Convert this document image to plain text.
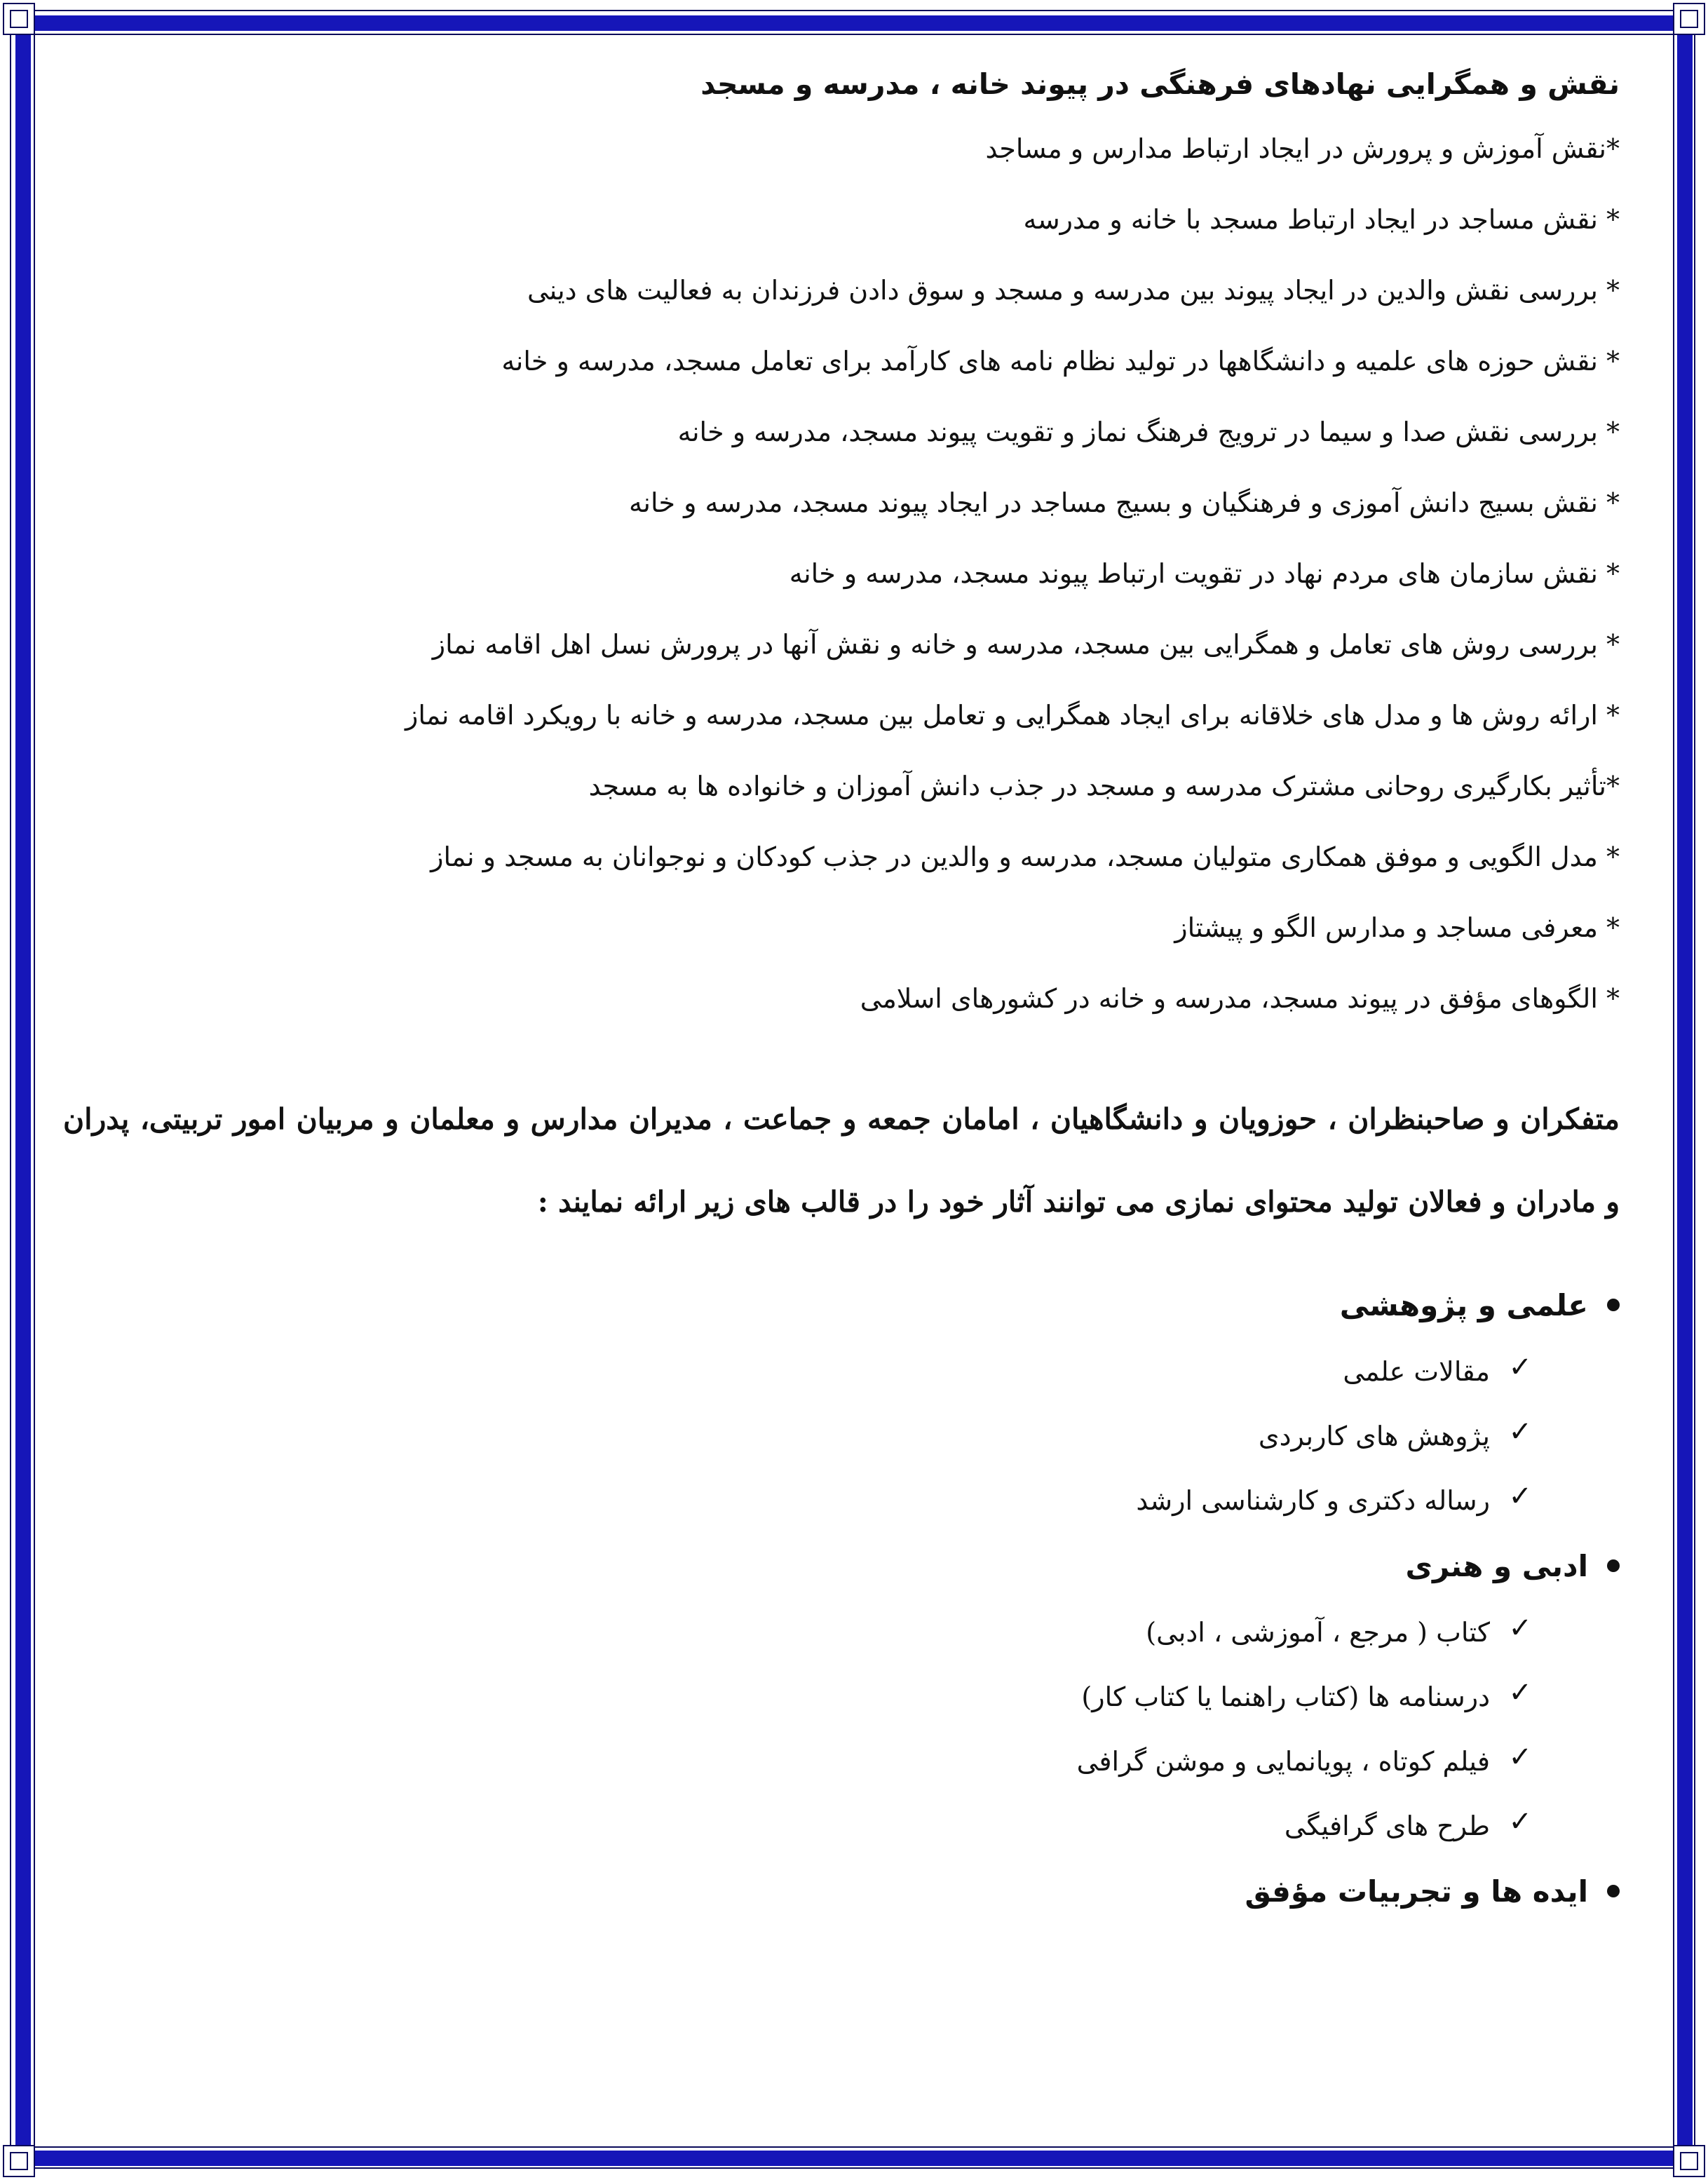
نقش و همگرایی نهادهای فرهنگی در پیوند خانه ، مدرسه و مسجد
*نقش آموزش و پرورش در ایجاد ارتباط مدارس و مساجد
* نقش مساجد در ایجاد ارتباط مسجد با خانه و مدرسه
* بررسی نقش والدین در ایجاد پیوند بین مدرسه و مسجد و سوق دادن فرزندان به فعالیت های دینی
* نقش حوزه های علمیه و دانشگاهها در تولید نظام نامه های کارآمد برای تعامل مسجد، مدرسه و خانه
* بررسی نقش صدا و سیما در ترویج فرهنگ نماز و تقویت پیوند مسجد، مدرسه و خانه
* نقش بسیج دانش آموزی و فرهنگیان و بسیج مساجد در ایجاد پیوند مسجد، مدرسه و خانه
* نقش سازمان های مردم نهاد در تقویت ارتباط پیوند مسجد، مدرسه و خانه
* بررسی روش های تعامل و همگرایی بین مسجد، مدرسه و خانه و نقش آنها در پرورش نسل اهل اقامه نماز
* ارائه روش ها و مدل های خلاقانه برای ایجاد همگرایی و تعامل بین مسجد، مدرسه و خانه با رویکرد اقامه نماز
*تأثیر بکارگیری روحانی مشترک مدرسه و مسجد در جذب دانش آموزان و خانواده ها به مسجد
* مدل الگویی و موفق همکاری متولیان مسجد، مدرسه و والدین در جذب کودکان و نوجوانان به مسجد و نماز
* معرفی مساجد و مدارس الگو و پیشتاز
* الگوهای مؤفق در پیوند مسجد، مدرسه و خانه در کشورهای اسلامی

متفکران و صاحبنظران ، حوزویان و دانشگاهیان ، امامان جمعه و جماعت ، مدیران مدارس و معلمان و مربیان امور تربیتی، پدران و مادران و فعالان تولید محتوای نمازی می توانند آثار خود را در قالب های زیر ارائه نمایند :

علمی و پژوهشی
✓
مقالات علمی
✓
پژوهش های کاربردی
✓
رساله دکتری و کارشناسی ارشد
ادبی و هنری
✓
کتاب ( مرجع ، آموزشی ، ادبی)
✓
درسنامه ها (کتاب راهنما یا کتاب کار)
✓
فیلم کوتاه ، پویانمایی و موشن گرافی
✓
طرح های گرافیگی
ایده ها و تجربیات مؤفق
